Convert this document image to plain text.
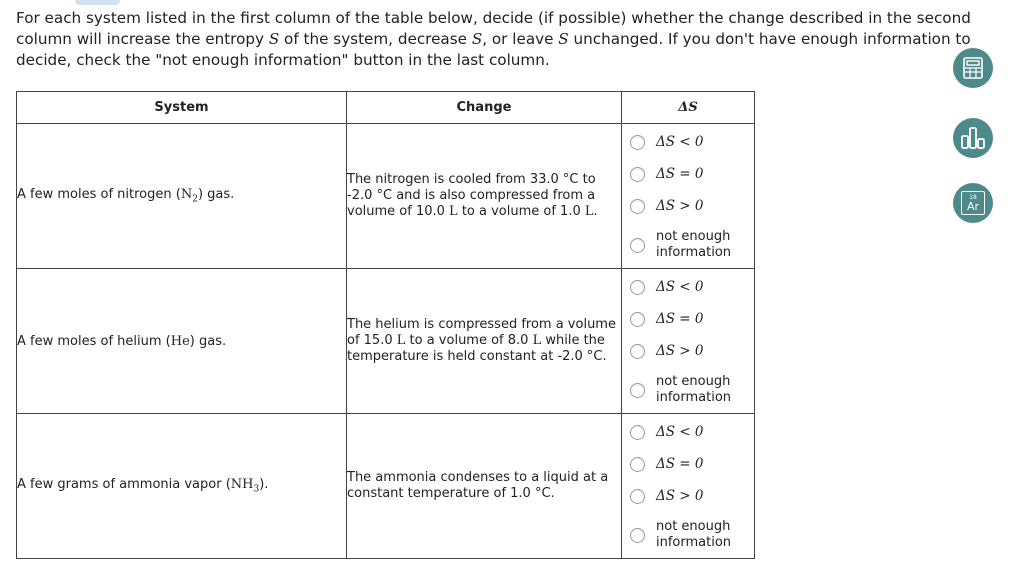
For each system listed in the first column of the table below, decide (if possible) whether the change described in the second column will increase the entropy S of the system, decrease S, or leave S unchanged. If you don't have enough information to decide, check the "not enough information" button in the last column.
System	Change	ΔS
A few moles of nitrogen $(N_2)$ gas.	The nitrogen is cooled from 33.0 °C to -2.0 °C and is also compressed from a volume of 10.0 L to a volume of 1.0 L.	ΔS < 0
ΔS = 0
ΔS > 0
not enough
information

A few moles of helium (He) gas.	The helium is compressed from a volume of 15.0 L to a volume of 8.0 L while the temperature is held constant at -2.0 °C.	ΔS < 0
ΔS = 0
ΔS > 0
not enough
information

A few grams of ammonia vapor $(NH_3)$.	The ammonia condenses to a liquid at a constant temperature of 1.0 °C.	ΔS < 0
ΔS = 0
ΔS > 0
not enough
information
18
Ar
